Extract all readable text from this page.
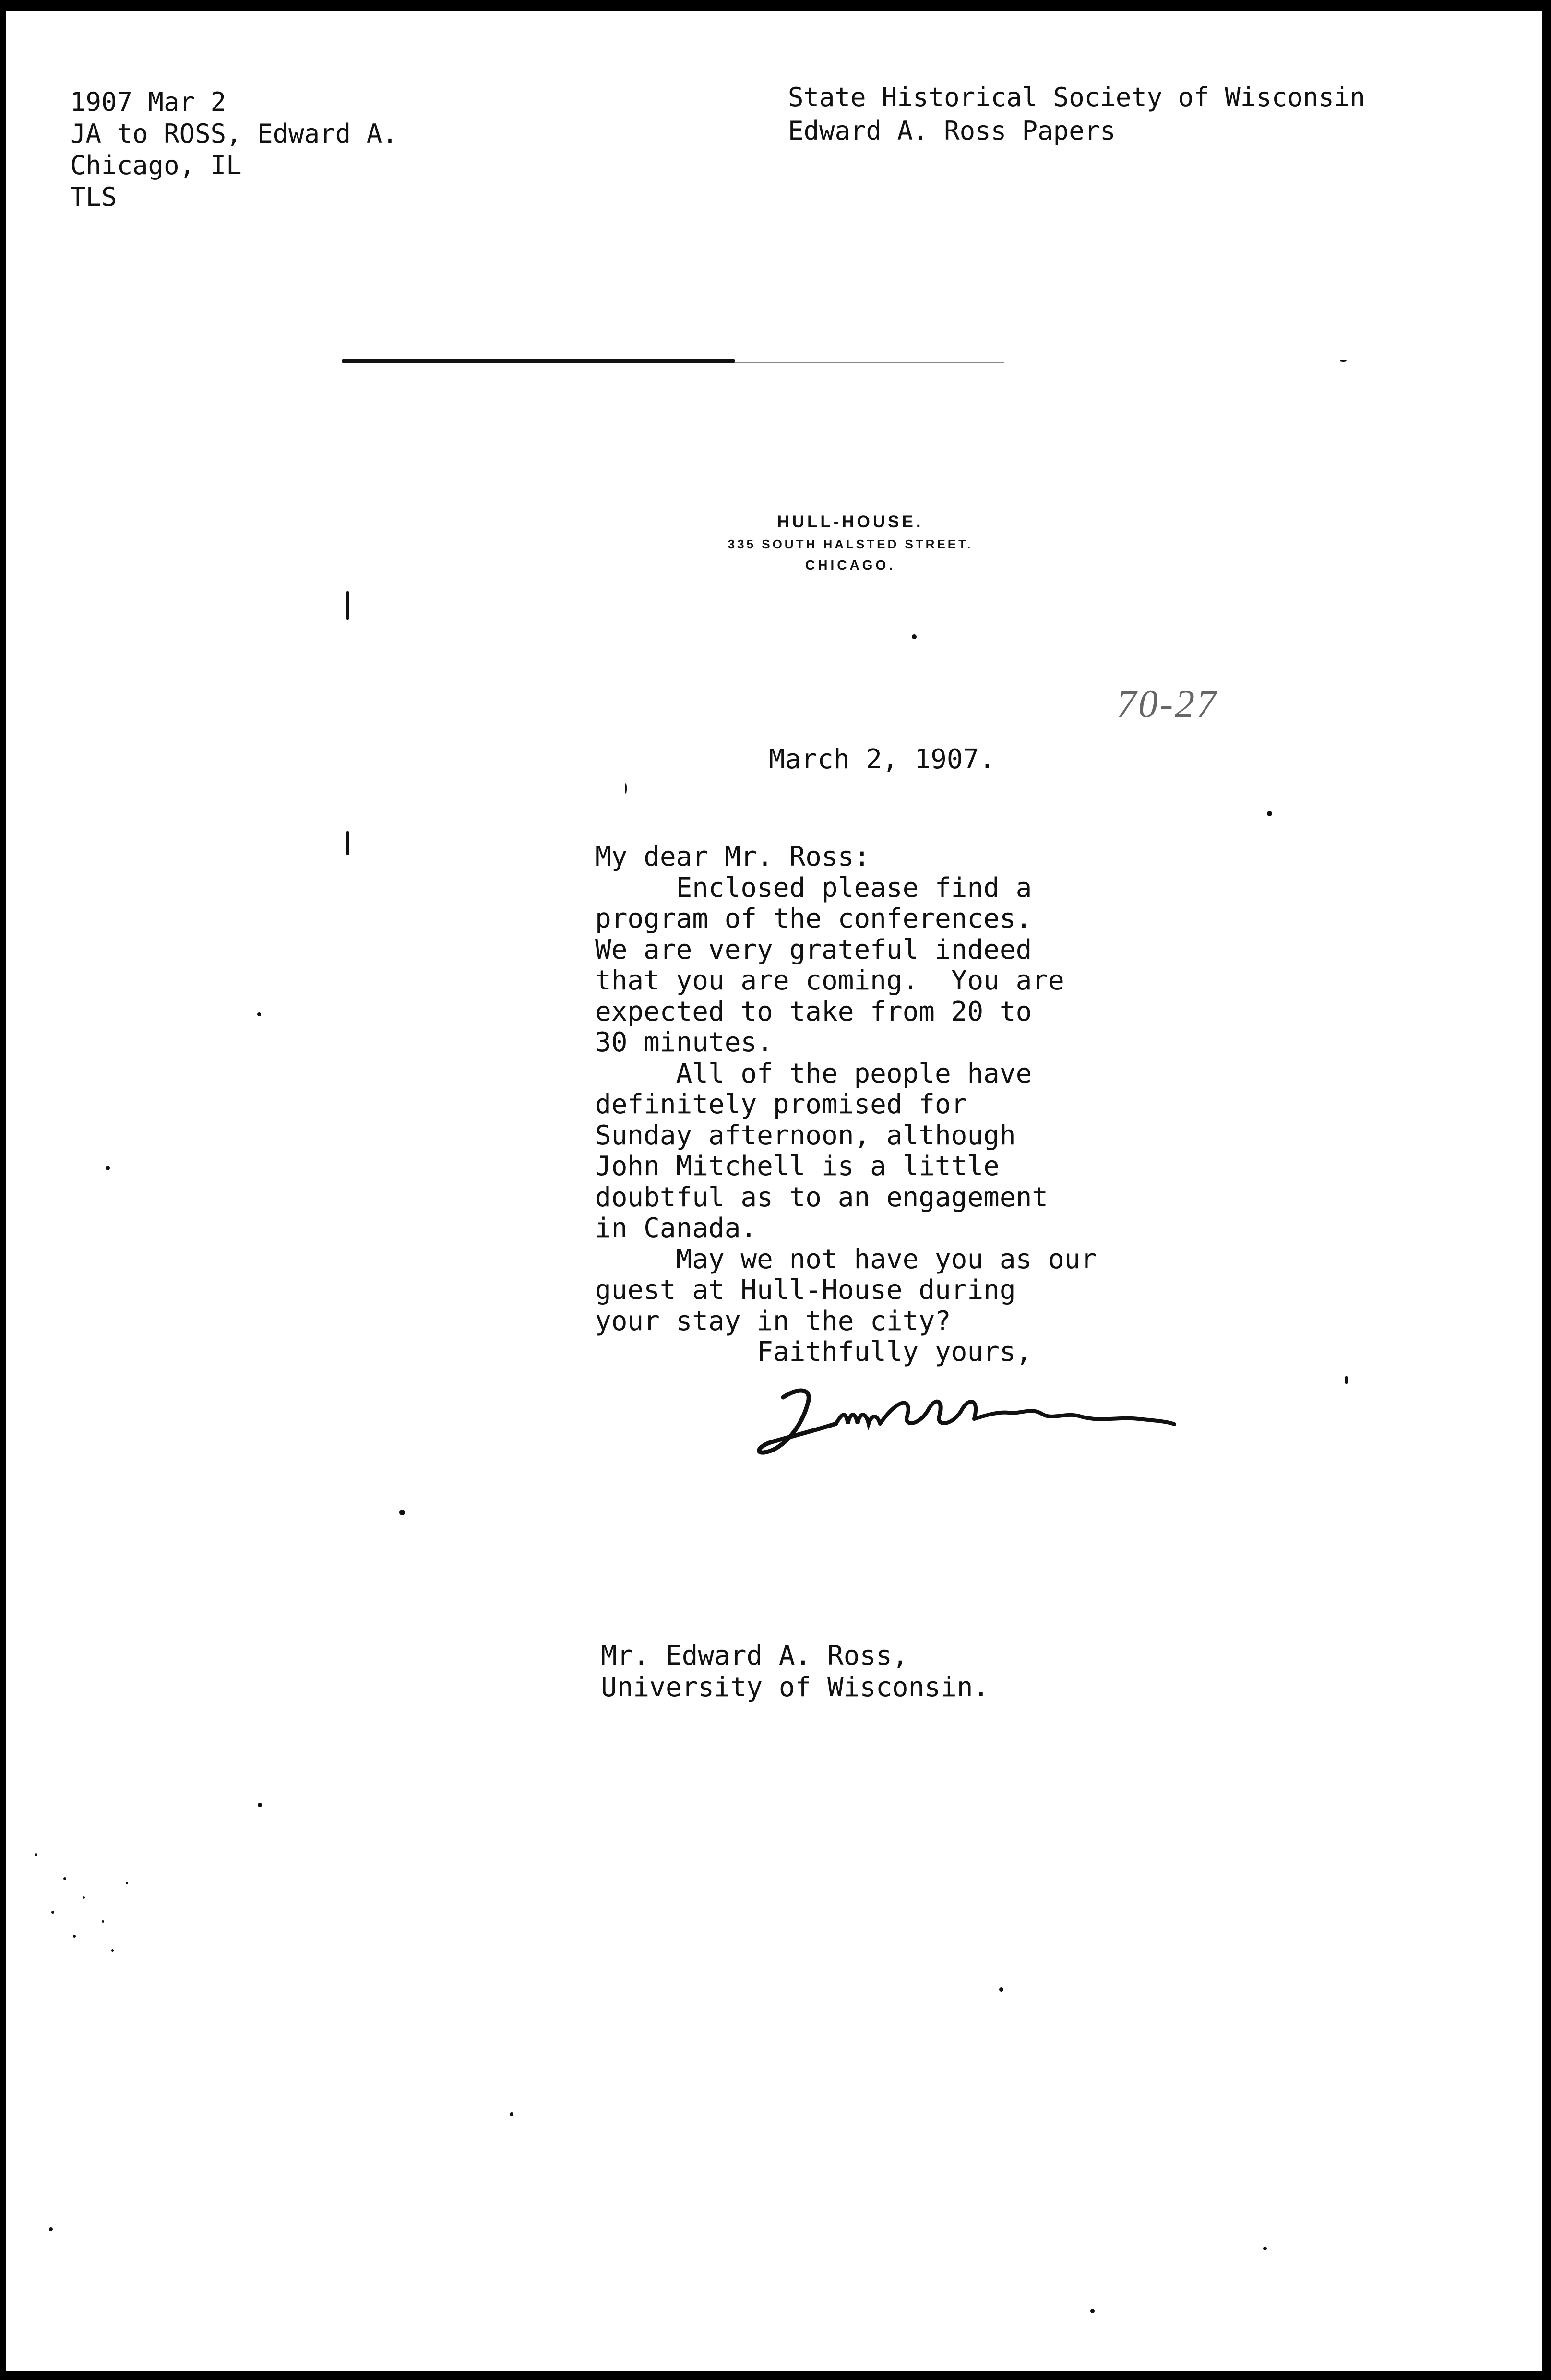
1907 Mar 2
JA to ROSS, Edward A.
Chicago, IL
TLS
State Historical Society of Wisconsin
Edward A. Ross Papers
HULL-HOUSE.
335 SOUTH HALSTED STREET.
CHICAGO.
70-27
March 2, 1907.
My dear Mr. Ross:
Enclosed please find a
program of the conferences.
We are very grateful indeed
that you are coming.  You are
expected to take from 20 to
30 minutes.
All of the people have
definitely promised for
Sunday afternoon, although
John Mitchell is a little
doubtful as to an engagement
in Canada.
May we not have you as our
guest at Hull-House during
your stay in the city?
Faithfully yours,
Mr. Edward A. Ross,
University of Wisconsin.
